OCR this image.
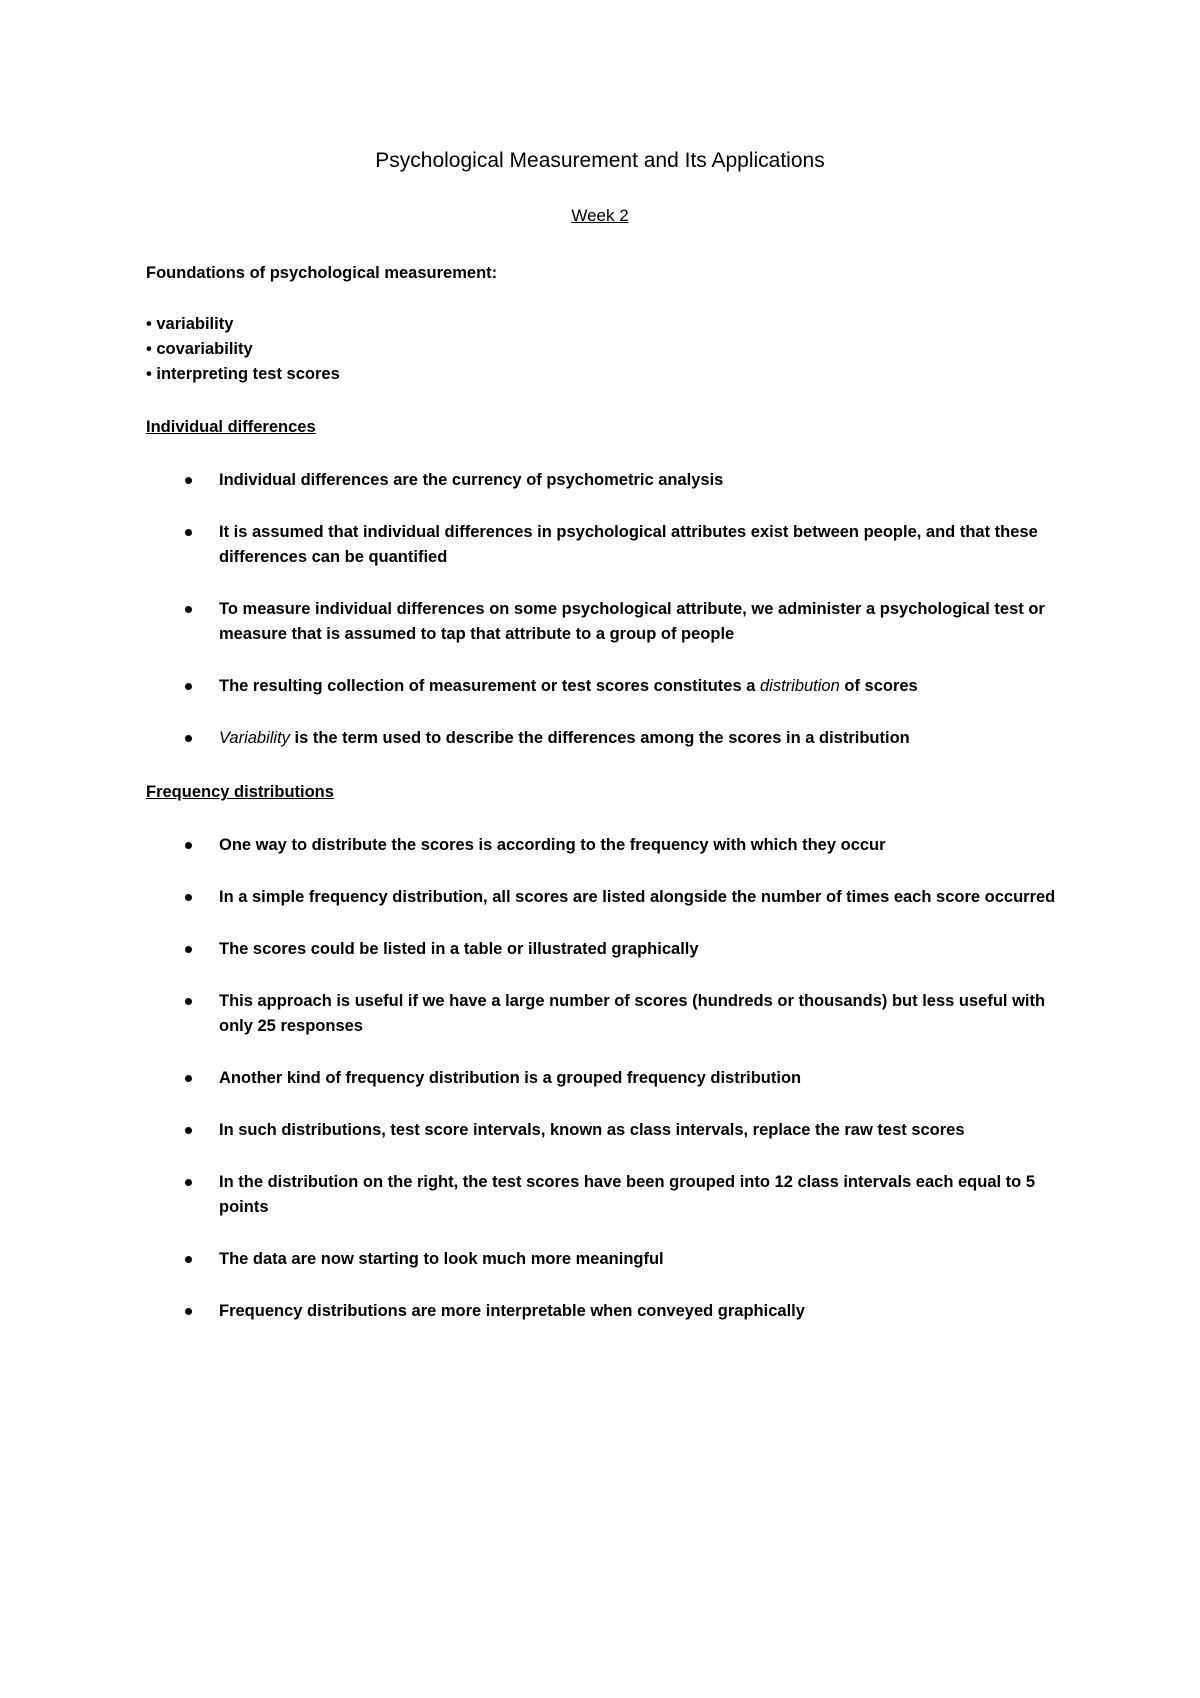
Psychological Measurement and Its Applications
Week 2
Foundations of psychological measurement:
• variability
• covariability
• interpreting test scores
Individual differences
Individual differences are the currency of psychometric analysis
It is assumed that individual differences in psychological attributes exist between people, and that these differences can be quantified
To measure individual differences on some psychological attribute, we administer a psychological test or measure that is assumed to tap that attribute to a group of people
The resulting collection of measurement or test scores constitutes a distribution of scores
Variability is the term used to describe the differences among the scores in a distribution
Frequency distributions
One way to distribute the scores is according to the frequency with which they occur
In a simple frequency distribution, all scores are listed alongside the number of times each score occurred
The scores could be listed in a table or illustrated graphically
This approach is useful if we have a large number of scores (hundreds or thousands) but less useful with only 25 responses
Another kind of frequency distribution is a grouped frequency distribution
In such distributions, test score intervals, known as class intervals, replace the raw test scores
In the distribution on the right, the test scores have been grouped into 12 class intervals each equal to 5 points
The data are now starting to look much more meaningful
Frequency distributions are more interpretable when conveyed graphically
